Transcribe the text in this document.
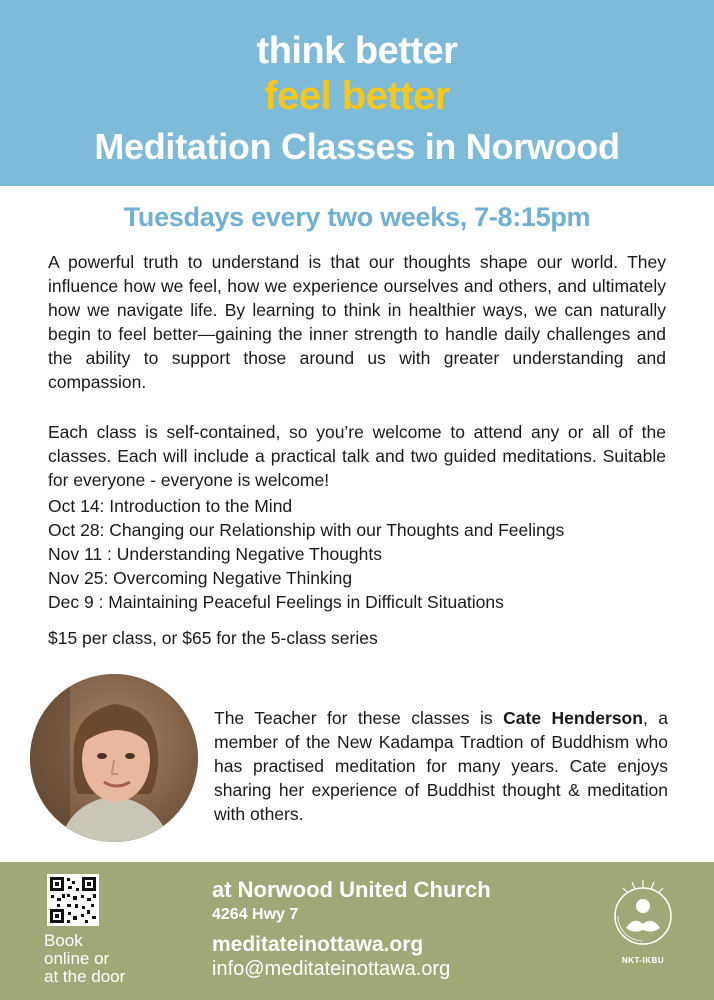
think better
feel better
Meditation Classes in Norwood
Tuesdays every two weeks, 7-8:15pm
A powerful truth to understand is that our thoughts shape our world. They influence how we feel, how we experience ourselves and others, and ultimately how we navigate life. By learning to think in healthier ways, we can naturally begin to feel better—gaining the inner strength to handle daily challenges and the ability to support those around us with greater understanding and compassion.
Each class is self-contained, so you’re welcome to attend any or all of the classes. Each will include a practical talk and two guided meditations. Suitable for everyone - everyone is welcome!
Oct 14: Introduction to the Mind
Oct 28: Changing our Relationship with our Thoughts and Feelings
Nov 11 : Understanding Negative Thoughts
Nov 25: Overcoming Negative Thinking
Dec 9 : Maintaining Peaceful Feelings in Difficult Situations
$15 per class, or $65 for the 5-class series
The Teacher for these classes is Cate Henderson, a member of the New Kadampa Tradtion of Buddhism who has practised meditation for many years. Cate enjoys sharing her experience of Buddhist thought & meditation with others.
Book
online or
at the door
at Norwood United Church
4264 Hwy 7
meditateinottawa.org
info@meditateinottawa.org	NKT-IKBU
